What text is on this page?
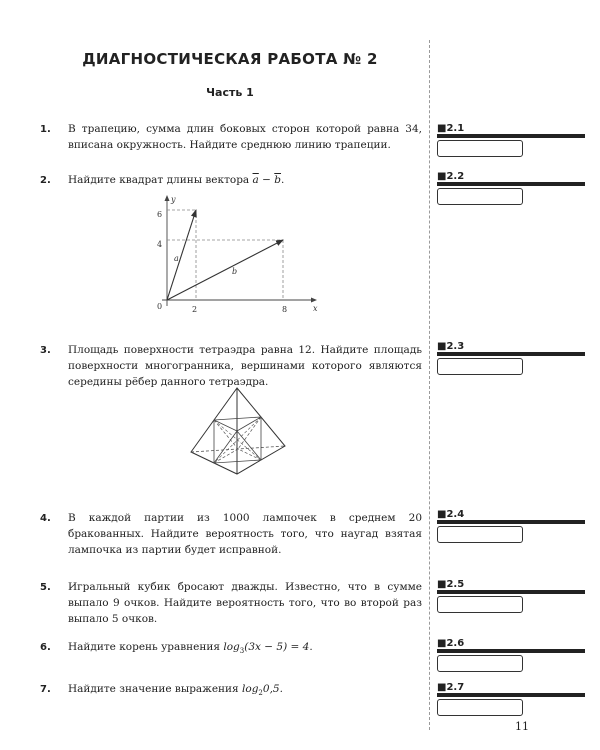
ДИАГНОСТИЧЕСКАЯ РАБОТА № 2
Часть 1
1.	В трапецию, сумма длин боковых сторон которой равна 34, вписана окружность. Найдите среднюю линию трапеции.
2.	Найдите квадрат длины вектора $\overline{a} - \overline{b}$.
y
x
0	2	8
4
6
a
b
3.	Площадь поверхности тетраэдра равна 12. Найдите площадь поверхности многогранника, вершинами которого являются середины рёбер данного тетраэдра.
4.	В каждой партии из 1000 лампочек в среднем 20 бракованных. Найдите вероятность того, что наугад взятая лампочка из партии будет исправной.
5.	Игральный кубик бросают дважды. Известно, что в сумме выпало 9 очков. Найдите вероятность того, что во второй раз выпало 5 очков.
6.	Найдите корень уравнения $\log_3(3x - 5) = 4$.
7.	Найдите значение выражения $\log_20,5$.
■2.1
■2.2
■2.3
■2.4
■2.5
■2.6
■2.7
11
